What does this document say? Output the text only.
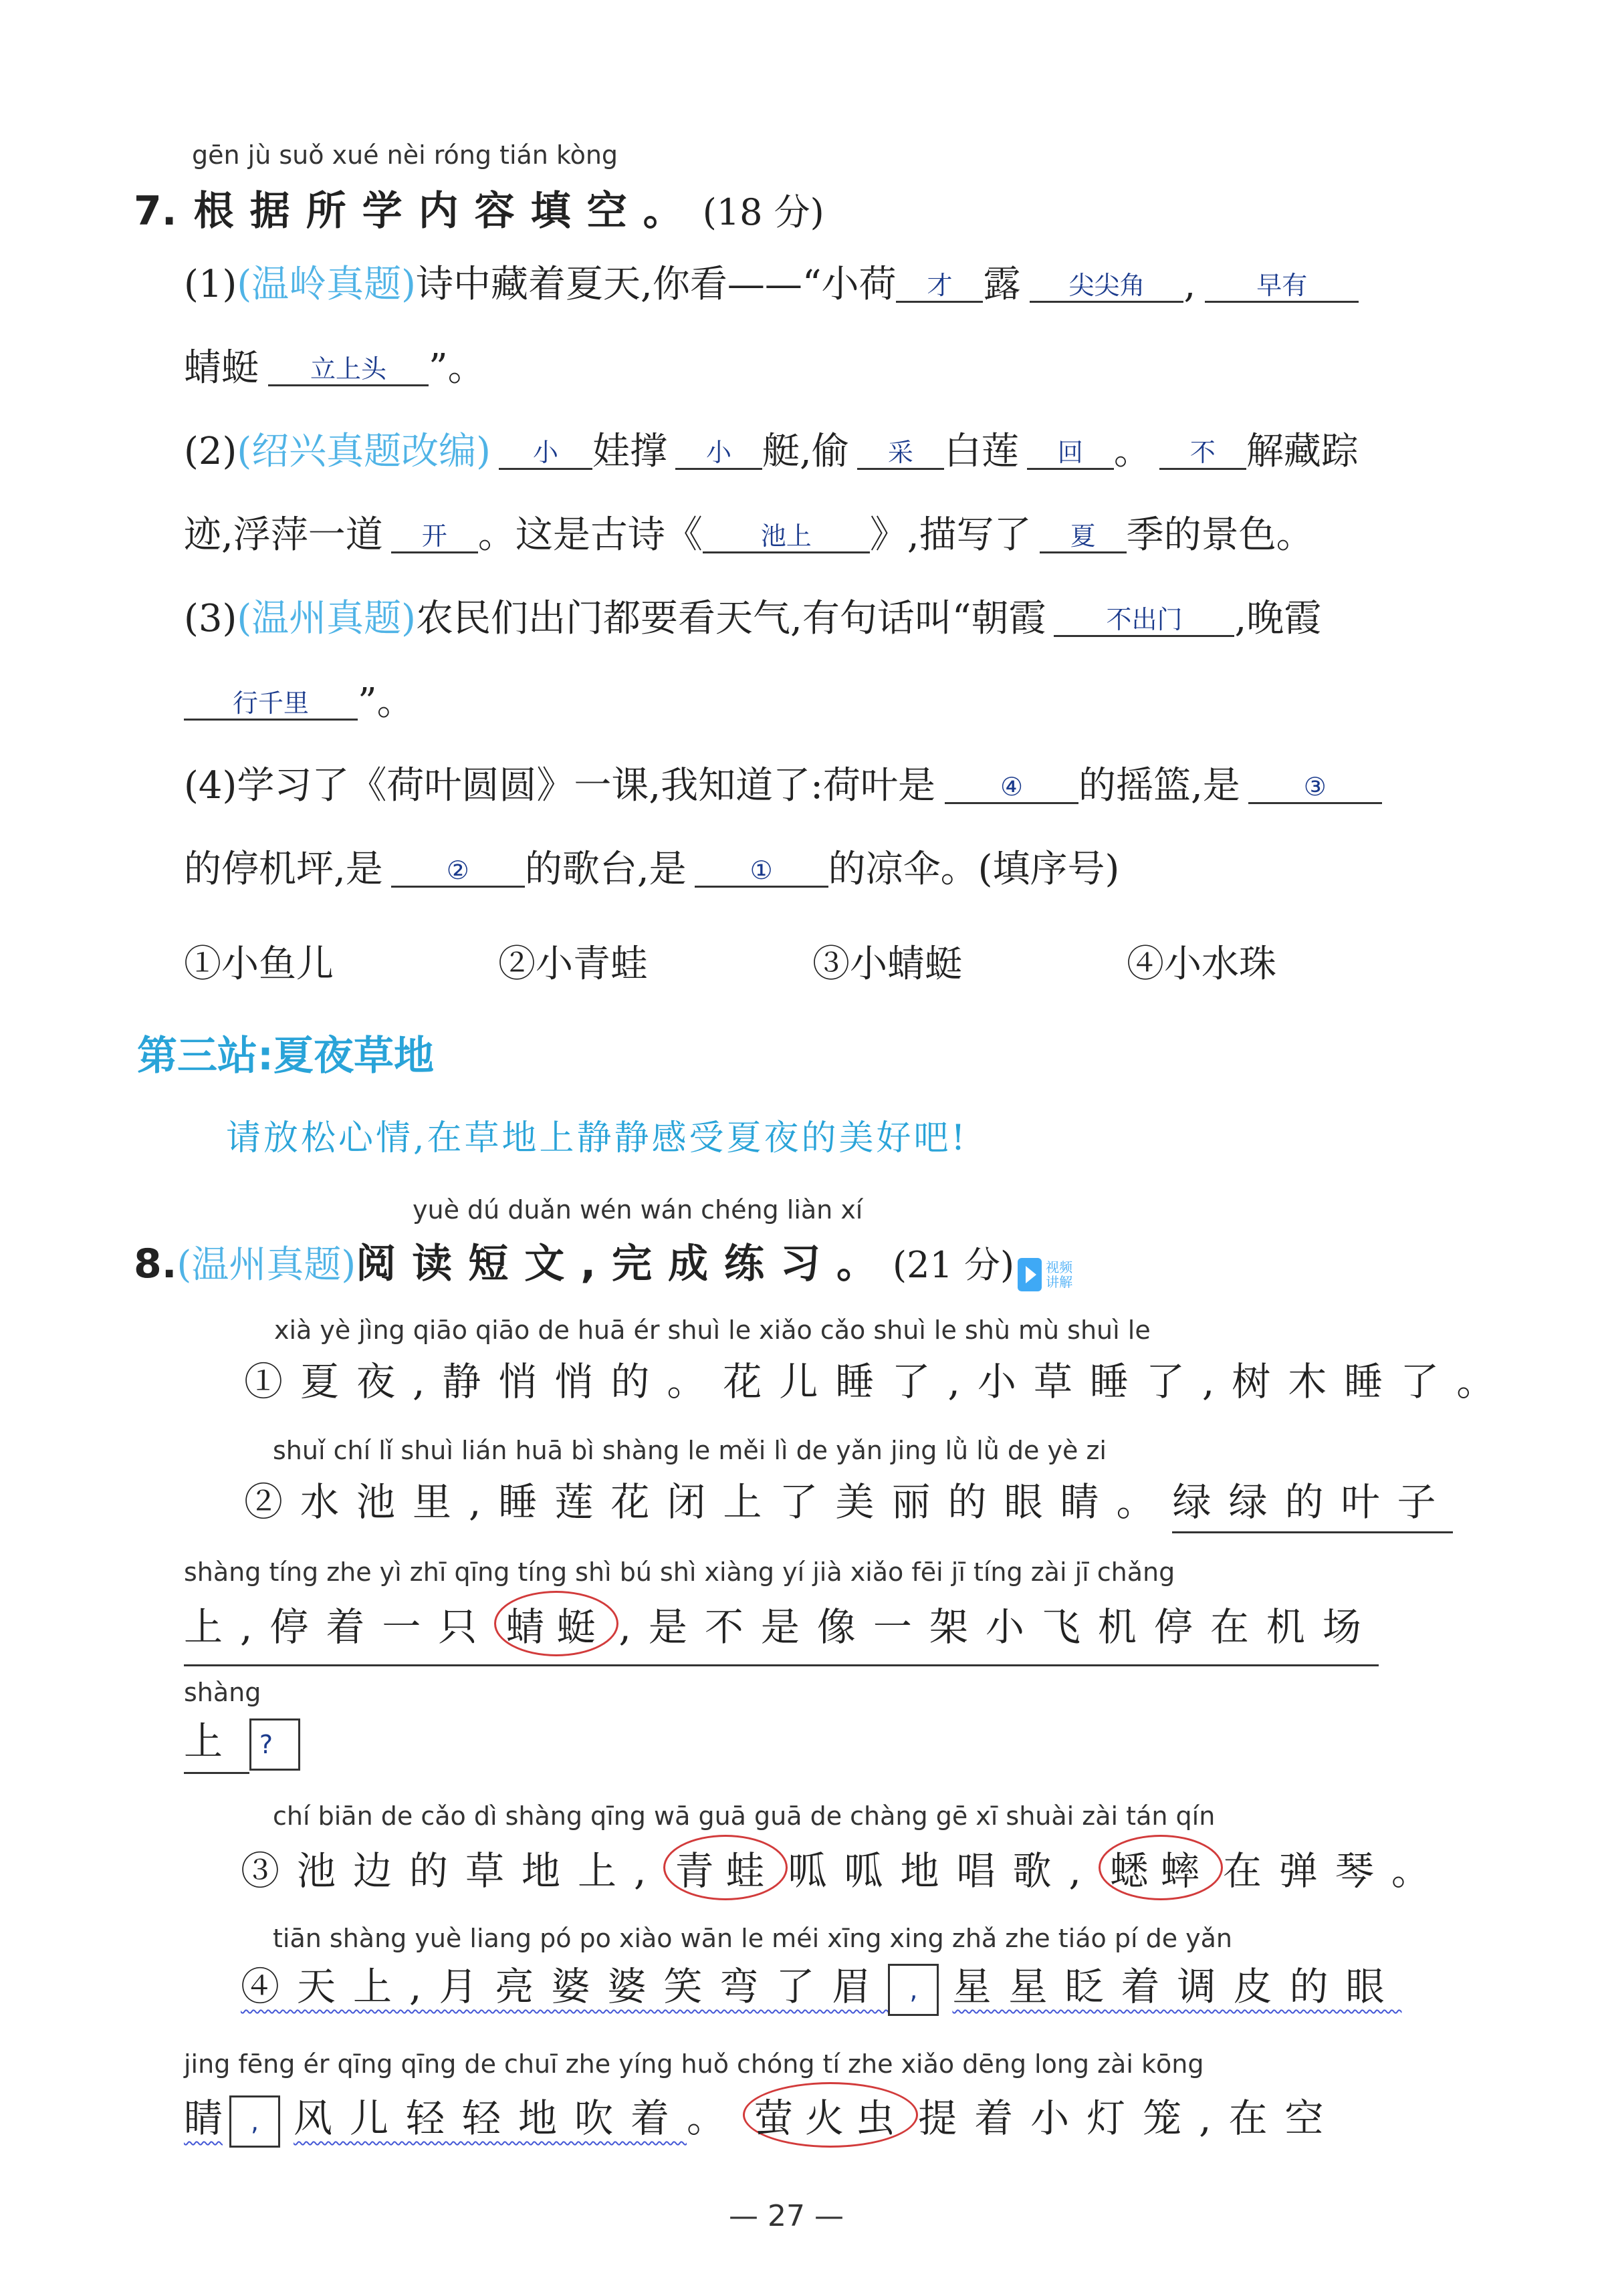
gēn jù suǒ xué nèi róng tián kòng
7. 根据所学内容填空。 (18 分)
(1)(温岭真题)诗中藏着夏天,你看——“小荷 才 露 尖尖角 , 早有
蜻蜓 立上头 ”。
(2)(绍兴真题改编) 小 娃撑 小 艇,偷 采 白莲 回 。 不 解藏踪
迹,浮萍一道 开 。这是古诗《 池上 》,描写了 夏 季的景色。
(3)(温州真题)农民们出门都要看天气,有句话叫“朝霞 不出门 ,晚霞
行千里 ”。
(4)学习了《荷叶圆圆》一课,我知道了:荷叶是	④ 的摇篮,是 ③
的停机坪,是 ② 的歌台,是 ① 的凉伞。(填序号)
①小鱼儿	②小青蛙	③小蜻蜓	④小水珠
第三站:夏夜草地
请放松心情,在草地上静静感受夏夜的美好吧!
yuè dú duǎn wén wán chéng liàn xí
8.(温州真题)阅读短文,完成练习。(21 分) 视频
讲解
xià yè jìng qiāo qiāo de huā ér shuì le xiǎo cǎo shuì le shù mù shuì le
①夏夜,静悄悄的。花儿睡了,小草睡了,树木睡了。
shuǐ chí lǐ shuì lián huā bì shàng le měi lì de yǎn jing lǜ lǜ de yè zi
②水池里,睡莲花闭上了美丽的眼睛。绿绿的叶子
shàng tíng zhe yì zhī qīng tíng shì bú shì xiàng yí jià xiǎo fēi jī tíng zài jī chǎng
上,停着一只 蜻蜓 ,是不是像一架小飞机停在机场
shàng
上 ?
chí biān de cǎo dì shàng qīng wā guā guā de chàng gē xī shuài zài tán qín
③池边的草地上, 青蛙 呱呱地唱歌, 蟋蟀 在弹琴。
tiān shàng yuè liang pó po xiào wān le méi xīng xing zhǎ zhe tiáo pí de yǎn
④天上,月亮婆婆笑弯了眉 , 星星眨着调皮的眼
jing fēng ér qīng qīng de chuī zhe yíng huǒ chóng tí zhe xiǎo dēng long zài kōng
睛 , 风儿轻轻地吹着。 萤火虫 提着小灯笼,在空
— 27 —
